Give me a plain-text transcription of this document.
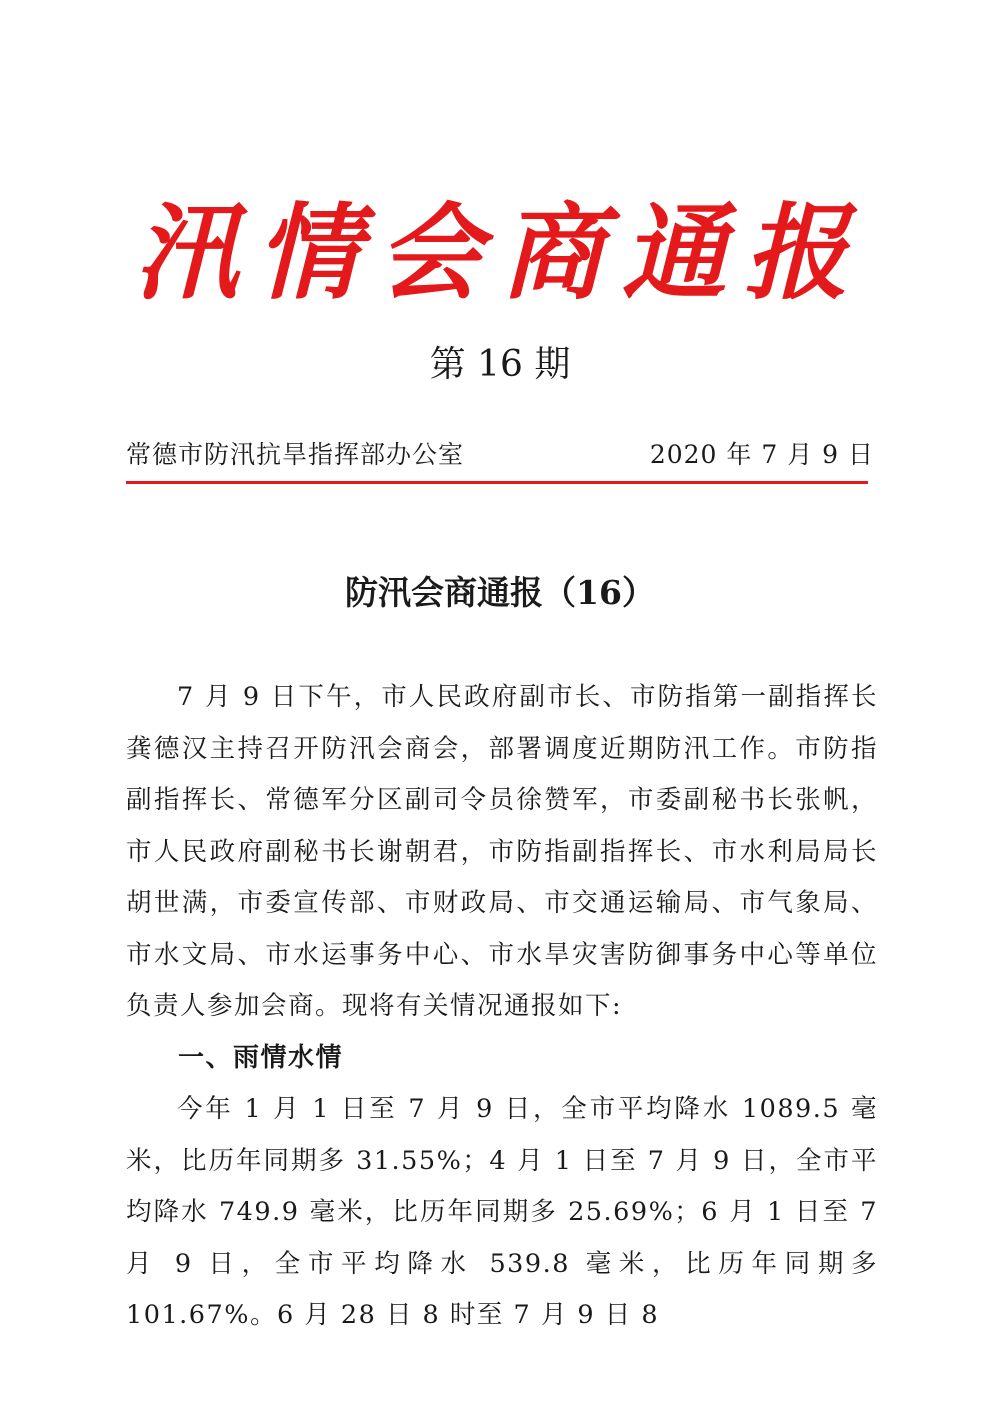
汛情会商通报
第 16 期
常德市防汛抗旱指挥部办公室	2020 年 7 月 9 日
防汛会商通报（16）

7 月 9 日下午，市人民政府副市长、市防指第一副指挥长龚德汉主持召开防汛会商会，部署调度近期防汛工作。市防指副指挥长、常德军分区副司令员徐赞军，市委副秘书长张帆，市人民政府副秘书长谢朝君，市防指副指挥长、市水利局局长胡世满，市委宣传部、市财政局、市交通运输局、市气象局、市水文局、市水运事务中心、市水旱灾害防御事务中心等单位负责人参加会商。现将有关情况通报如下:

一、雨情水情

今年 1 月 1 日至 7 月 9 日，全市平均降水 1089.5 毫米，比历年同期多 31.55%；4 月 1 日至 7 月 9 日，全市平均降水 749.9 毫米，比历年同期多 25.69%；6 月 1 日至 7 月 9 日，全市平均降水 539.8 毫米，比历年同期多 101.67%。6 月 28 日 8 时至 7 月 9 日 8
